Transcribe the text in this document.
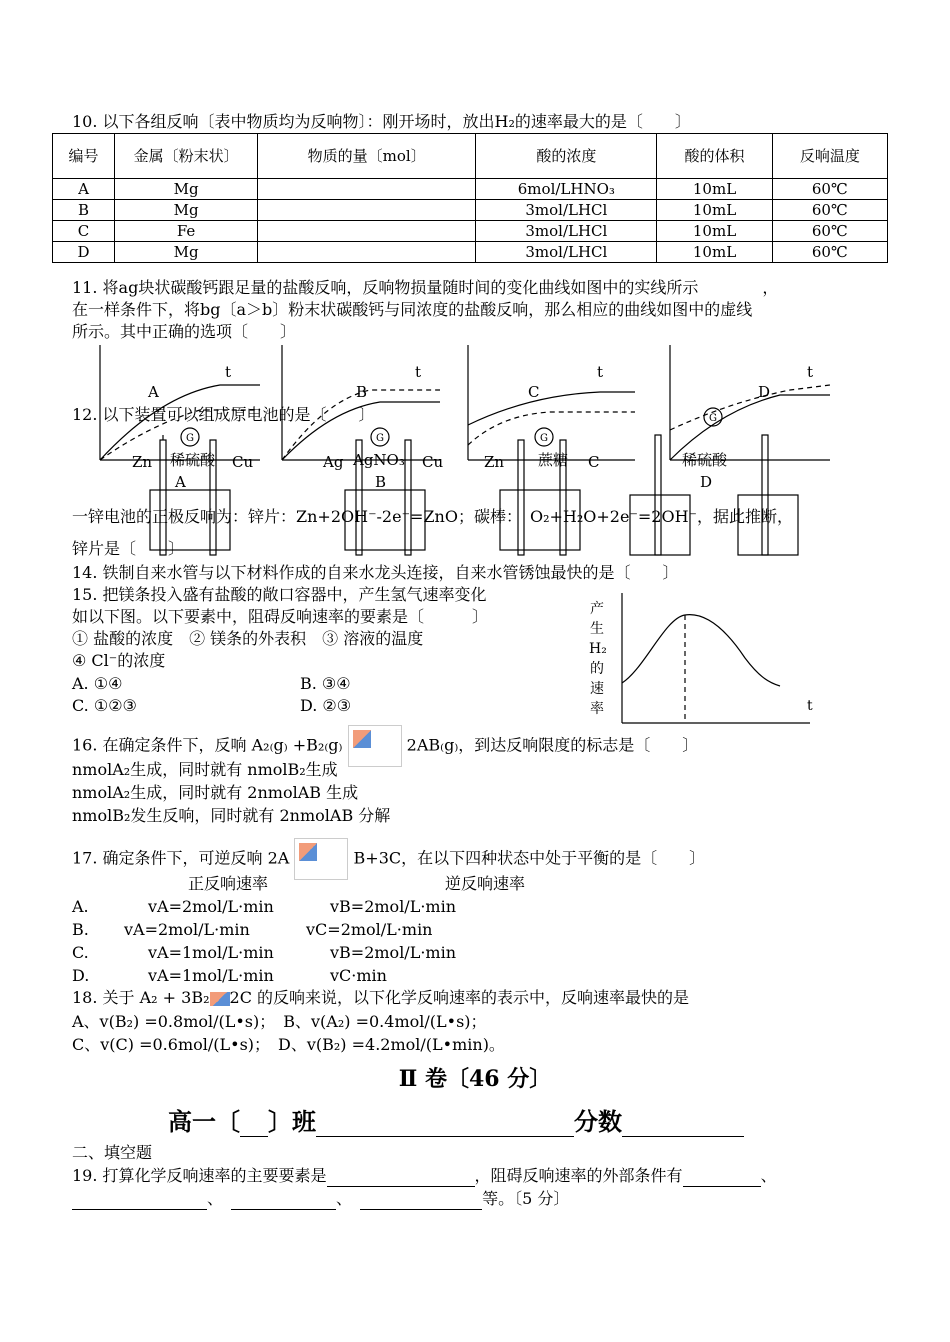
10. 以下各组反响〔表中物质均为反响物〕：刚开场时，放出H₂的速率最大的是〔　　〕
编号	金属〔粉末状〕	物质的量〔mol〕	酸的浓度	酸的体积	反响温度
A	Mg		6mol/LHNO₃	10mL	60℃
B	Mg		3mol/LHCl	10mL	60℃
C	Fe		3mol/LHCl	10mL	60℃
D	Mg		3mol/LHCl	10mL	60℃
11. 将ag块状碳酸钙跟足量的盐酸反响，反响物损量随时间的变化曲线如图中的实线所示　　　　，
在一样条件下，将bg〔a＞b〕粉末状碳酸钙与同浓度的盐酸反响，那么相应的曲线如图中的虚线
所示。其中正确的选项〔　　〕
A	B	C	D
t	t	t	t
Zn 稀硫酸 Cu
A
Ag AgNO₃ Cu
B
Zn 蔗糖 C	稀硫酸
D
G	G	G
G
12. 以下装置可以组成原电池的是〔　　〕
一锌电池的正极反响为：锌片：Zn+2OH⁻-2e⁻=ZnO；碳棒：　O₂+H₂O+2e⁻=2OH⁻，据此推断，
锌片是〔　　〕
14. 铁制自来水管与以下材料作成的自来水龙头连接，自来水管锈蚀最快的是〔　　〕
15. 把镁条投入盛有盐酸的敞口容器中，产生氢气速率变化
如以下图。以下要素中，阻碍反响速率的要素是〔　　　〕
① 盐酸的浓度　② 镁条的外表积　③ 溶液的温度
④ Cl⁻的浓度
A. ①④	B. ③④
C. ①②③	D. ②③
产
生
H₂
的
速
率	t
16. 在确定条件下，反响 A₂₍g₎ +B₂₍g₎	2AB₍g₎，到达反响限度的标志是〔　　〕
nmolA₂生成，同时就有 nmolB₂生成
nmolA₂生成，同时就有 2nmolAB 生成
nmolB₂发生反响，同时就有 2nmolAB 分解
17. 确定条件下，可逆反响 2A	B+3C，在以下四种状态中处于平衡的是〔　　〕
正反响速率	逆反响速率
A.	vA=2mol/L·min	vB=2mol/L·min
B. vA=2mol/L·min	vC=2mol/L·min
C.	vA=1mol/L·min	vB=2mol/L·min
D.	vA=1mol/L·min	vC·min
18. 关于 A₂ + 3B₂ 2C 的反响来说，以下化学反响速率的表示中，反响速率最快的是
A、v(B₂) =0.8mol/(L•s)；　B、v(A₂) =0.4mol/(L•s)；
C、v(C) =0.6mol/(L•s)；　D、v(B₂) =4.2mol/(L•min)。
Ⅱ 卷〔46 分〕
高一〔 〕班	分数
二、填空题
19. 打算化学反响速率的主要要素是	，阻碍反响速率的外部条件有	、
、　	、　	等。〔5 分〕
